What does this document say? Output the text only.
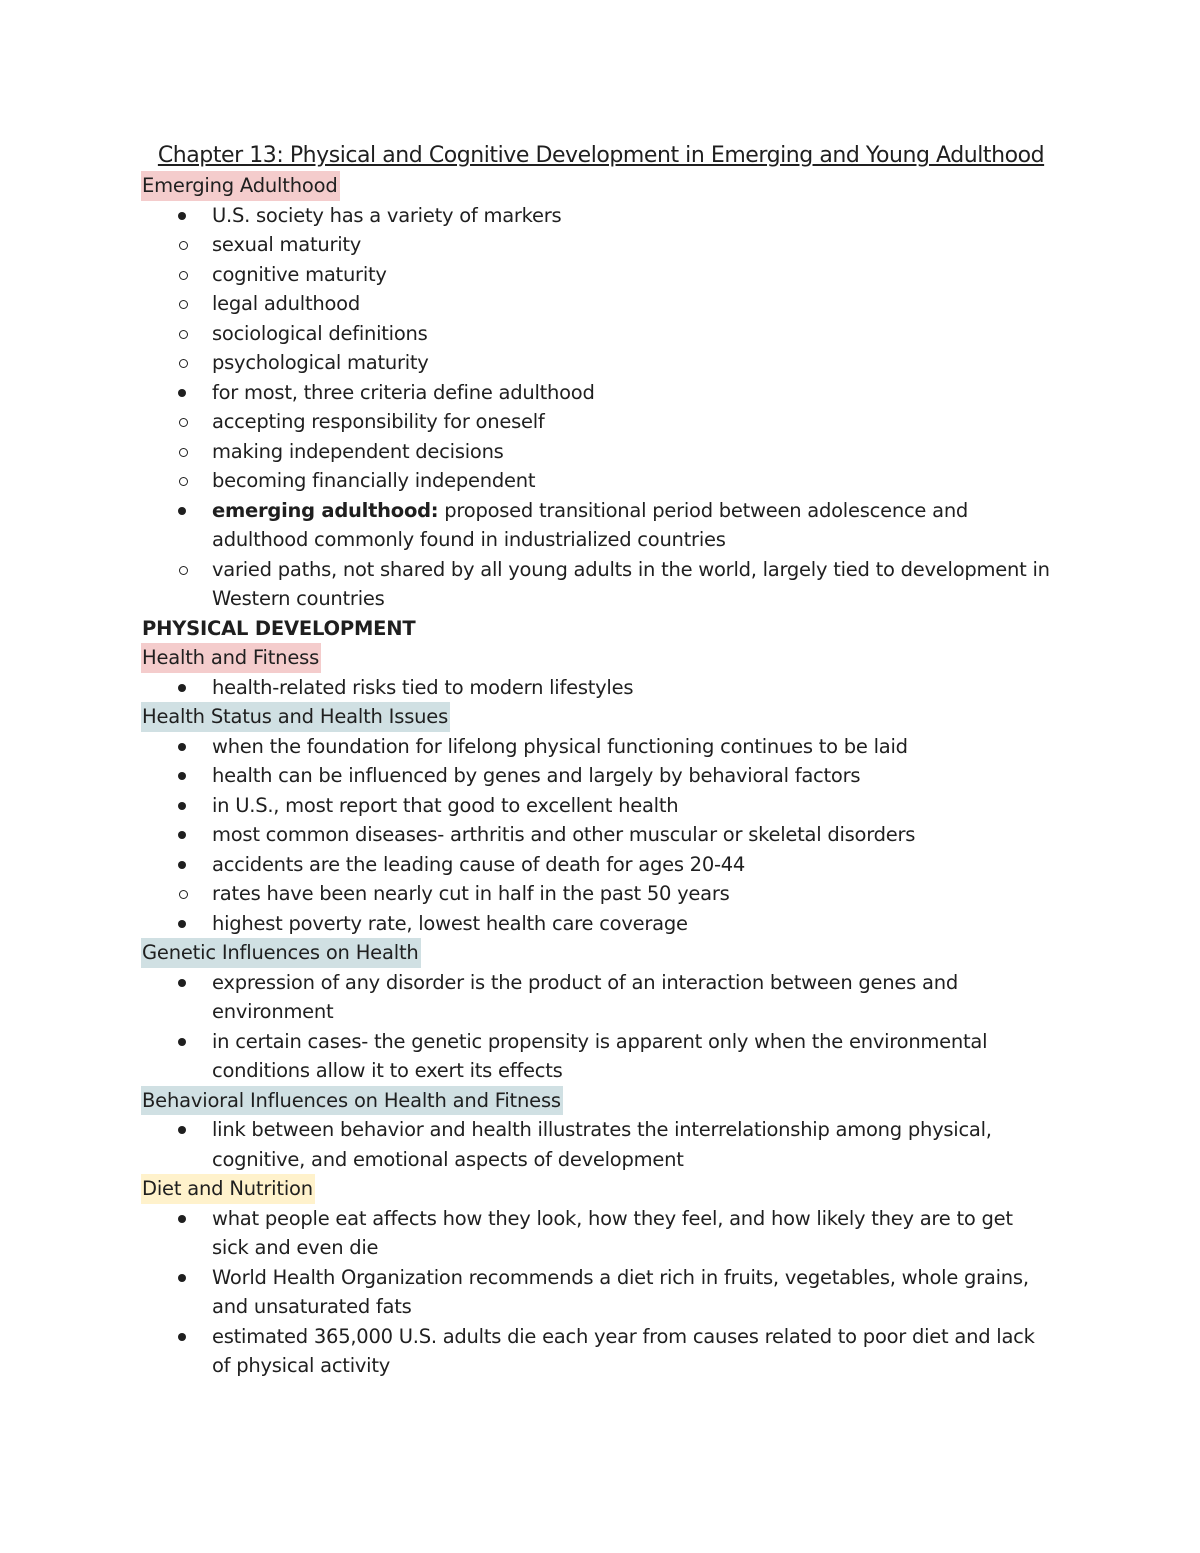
Chapter 13: Physical and Cognitive Development in Emerging and Young Adulthood
Emerging Adulthood
U.S. society has a variety of markers
sexual maturity
cognitive maturity
legal adulthood
sociological definitions
psychological maturity
for most, three criteria define adulthood
accepting responsibility for oneself
making independent decisions
becoming financially independent
emerging adulthood: proposed transitional period between adolescence and adulthood commonly found in industrialized countries
varied paths, not shared by all young adults in the world, largely tied to development in Western countries
PHYSICAL DEVELOPMENT
Health and Fitness
health-related risks tied to modern lifestyles
Health Status and Health Issues
when the foundation for lifelong physical functioning continues to be laid
health can be influenced by genes and largely by behavioral factors
in U.S., most report that good to excellent health
most common diseases- arthritis and other muscular or skeletal disorders
accidents are the leading cause of death for ages 20-44
rates have been nearly cut in half in the past 50 years
highest poverty rate, lowest health care coverage
Genetic Influences on Health
expression of any disorder is the product of an interaction between genes and environment
in certain cases- the genetic propensity is apparent only when the environmental conditions allow it to exert its effects
Behavioral Influences on Health and Fitness
link between behavior and health illustrates the interrelationship among physical, cognitive, and emotional aspects of development
Diet and Nutrition
what people eat affects how they look, how they feel, and how likely they are to get sick and even die
World Health Organization recommends a diet rich in fruits, vegetables, whole grains, and unsaturated fats
estimated 365,000 U.S. adults die each year from causes related to poor diet and lack of physical activity
